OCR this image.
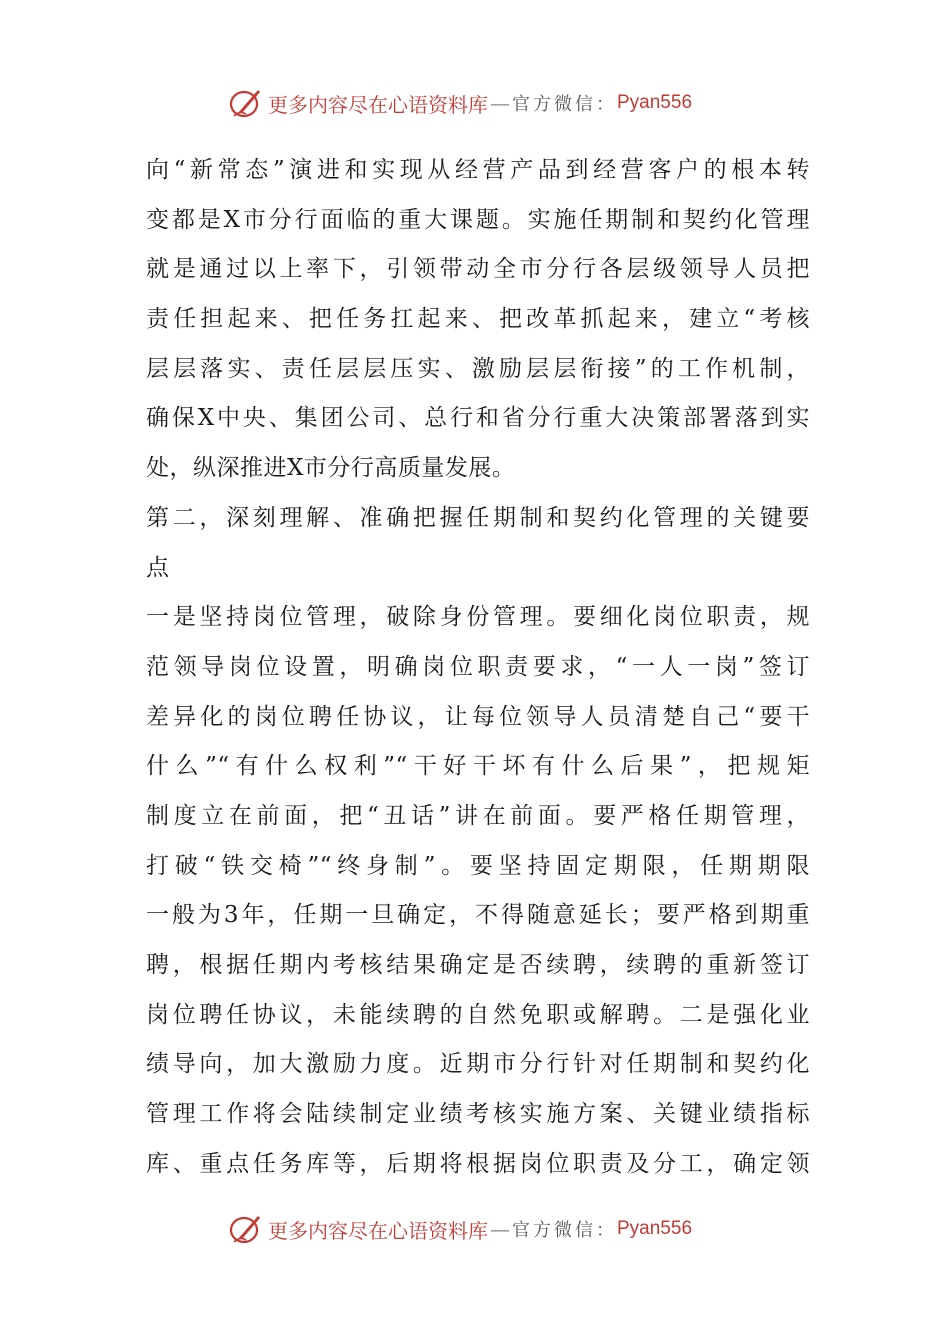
更多内容尽在心语资料库 — 官方微信： Pyan556
向“新常态”演进和实现从经营产品到经营客户的根本转
变都是X市分行面临的重大课题。实施任期制和契约化管理
就是通过以上率下，引领带动全市分行各层级领导人员把
责任担起来、把任务扛起来、把改革抓起来，建立“考核
层层落实、责任层层压实、激励层层衔接”的工作机制，
确保X中央、集团公司、总行和省分行重大决策部署落到实
处，纵深推进X市分行高质量发展。
第二，深刻理解、准确把握任期制和契约化管理的关键要
点
一是坚持岗位管理，破除身份管理。要细化岗位职责，规
范领导岗位设置，明确岗位职责要求，“一人一岗”签订
差异化的岗位聘任协议，让每位领导人员清楚自己“要干
什么”“有什么权利”“干好干坏有什么后果”，把规矩
制度立在前面，把“丑话”讲在前面。要严格任期管理，
打破“铁交椅”“终身制”。要坚持固定期限，任期期限
一般为3年，任期一旦确定，不得随意延长；要严格到期重
聘，根据任期内考核结果确定是否续聘，续聘的重新签订
岗位聘任协议，未能续聘的自然免职或解聘。二是强化业
绩导向，加大激励力度。近期市分行针对任期制和契约化
管理工作将会陆续制定业绩考核实施方案、关键业绩指标
库、重点任务库等，后期将根据岗位职责及分工，确定领
更多内容尽在心语资料库 — 官方微信： Pyan556
